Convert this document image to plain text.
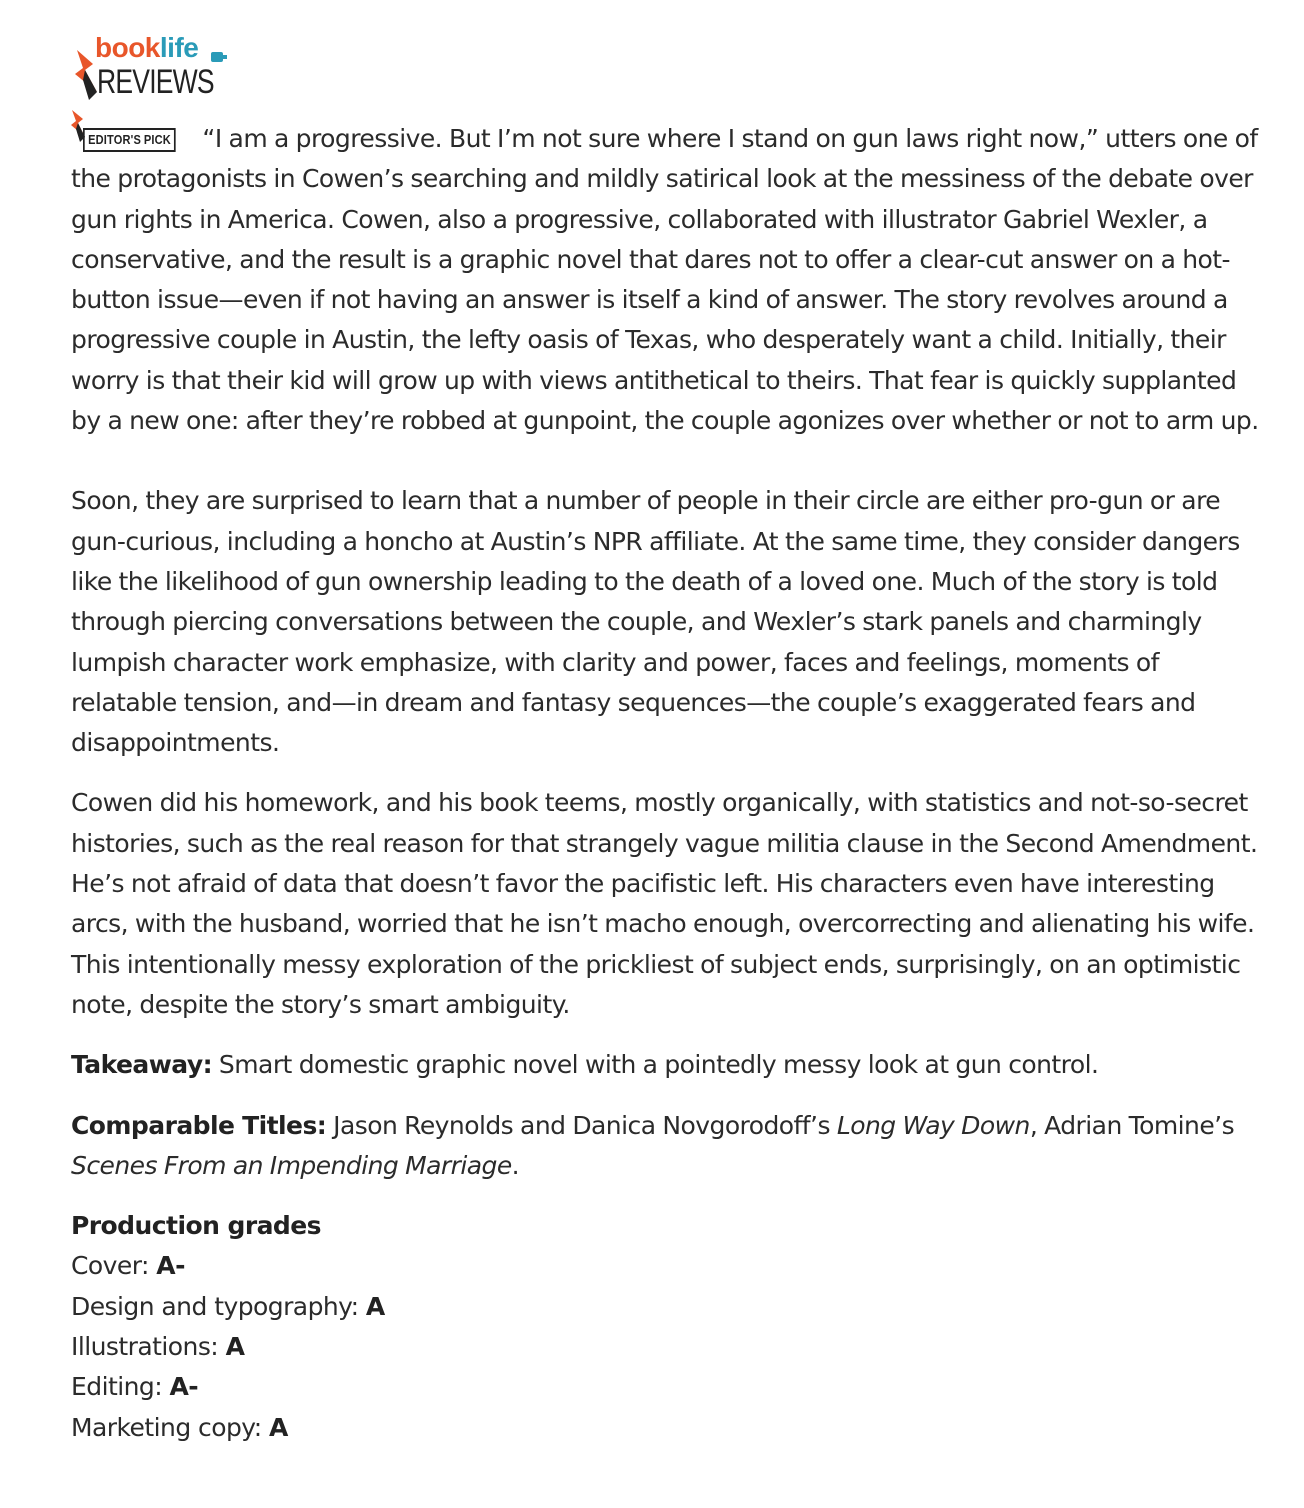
booklife
REVIEWS

EDITOR'S PICK “I am a progressive. But I’m not sure where I stand on gun laws right now,” utters one of the protagonists in Cowen’s searching and mildly satirical look at the messiness of the debate over gun rights in America. Cowen, also a progressive, collaborated with illustrator Gabriel Wexler, a conservative, and the result is a graphic novel that dares not to offer a clear-cut answer on a hot-button issue—even if not having an answer is itself a kind of answer. The story revolves around a progressive couple in Austin, the lefty oasis of Texas, who desperately want a child. Initially, their worry is that their kid will grow up with views antithetical to theirs. That fear is quickly supplanted by a new one: after they’re robbed at gunpoint, the couple agonizes over whether or not to arm up.

Soon, they are surprised to learn that a number of people in their circle are either pro-gun or are gun-curious, including a honcho at Austin’s NPR affiliate. At the same time, they consider dangers like the likelihood of gun ownership leading to the death of a loved one. Much of the story is told through piercing conversations between the couple, and Wexler’s stark panels and charmingly lumpish character work emphasize, with clarity and power, faces and feelings, moments of relatable tension, and—in dream and fantasy sequences—the couple’s exaggerated fears and disappointments.

Cowen did his homework, and his book teems, mostly organically, with statistics and not-so-secret histories, such as the real reason for that strangely vague militia clause in the Second Amendment. He’s not afraid of data that doesn’t favor the pacifistic left. His characters even have interesting arcs, with the husband, worried that he isn’t macho enough, overcorrecting and alienating his wife. This intentionally messy exploration of the prickliest of subject ends, surprisingly, on an optimistic note, despite the story’s smart ambiguity.

Takeaway: Smart domestic graphic novel with a pointedly messy look at gun control.

Comparable Titles: Jason Reynolds and Danica Novgorodoff’s Long Way Down, Adrian Tomine’s Scenes From an Impending Marriage.

Production grades
Cover: A-
Design and typography: A
Illustrations: A
Editing: A-
Marketing copy: A
